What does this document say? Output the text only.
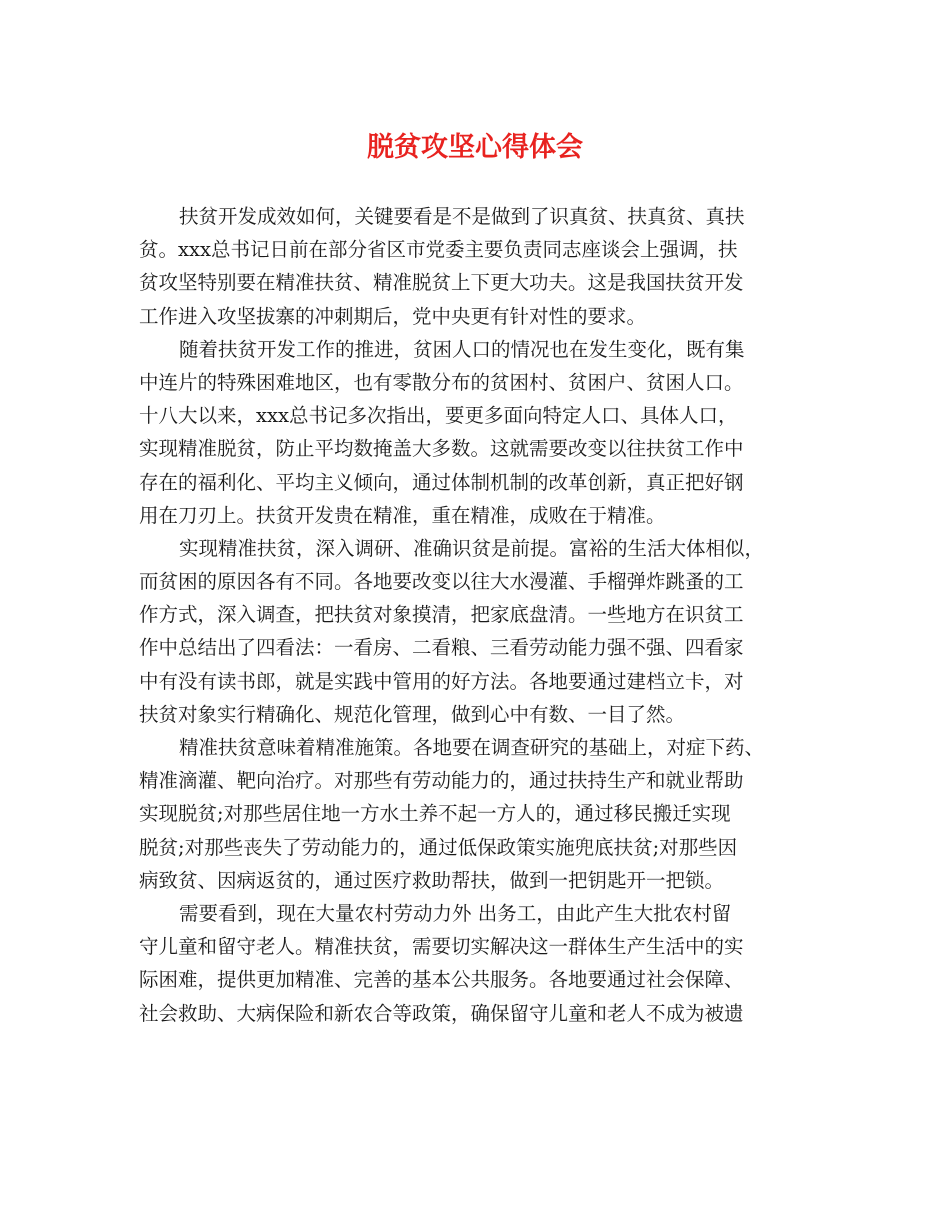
脱贫攻坚心得体会
扶贫开发成效如何，关键要看是不是做到了识真贫、扶真贫、真扶
贫。xxx总书记日前在部分省区市党委主要负责同志座谈会上强调，扶
贫攻坚特别要在精准扶贫、精准脱贫上下更大功夫。这是我国扶贫开发
工作进入攻坚拔寨的冲刺期后，党中央更有针对性的要求。
随着扶贫开发工作的推进，贫困人口的情况也在发生变化，既有集
中连片的特殊困难地区，也有零散分布的贫困村、贫困户、贫困人口。
十八大以来，xxx总书记多次指出，要更多面向特定人口、具体人口，
实现精准脱贫，防止平均数掩盖大多数。这就需要改变以往扶贫工作中
存在的福利化、平均主义倾向，通过体制机制的改革创新，真正把好钢
用在刀刃上。扶贫开发贵在精准，重在精准，成败在于精准。
实现精准扶贫，深入调研、准确识贫是前提。富裕的生活大体相似，
而贫困的原因各有不同。各地要改变以往大水漫灌、手榴弹炸跳蚤的工
作方式，深入调查，把扶贫对象摸清，把家底盘清。一些地方在识贫工
作中总结出了四看法：一看房、二看粮、三看劳动能力强不强、四看家
中有没有读书郎，就是实践中管用的好方法。各地要通过建档立卡，对
扶贫对象实行精确化、规范化管理，做到心中有数、一目了然。
精准扶贫意味着精准施策。各地要在调查研究的基础上，对症下药、
精准滴灌、靶向治疗。对那些有劳动能力的，通过扶持生产和就业帮助
实现脱贫;对那些居住地一方水土养不起一方人的，通过移民搬迁实现
脱贫;对那些丧失了劳动能力的，通过低保政策实施兜底扶贫;对那些因
病致贫、因病返贫的，通过医疗救助帮扶，做到一把钥匙开一把锁。
需要看到，现在大量农村劳动力外 出务工，由此产生大批农村留
守儿童和留守老人。精准扶贫，需要切实解决这一群体生产生活中的实
际困难，提供更加精准、完善的基本公共服务。各地要通过社会保障、
社会救助、大病保险和新农合等政策，确保留守儿童和老人不成为被遗
